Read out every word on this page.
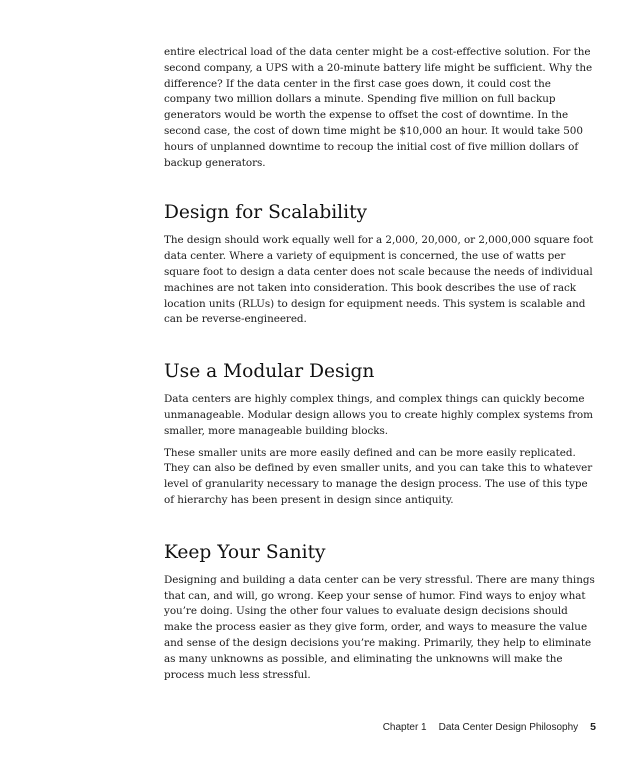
entire electrical load of the data center might be a cost-effective solution. For the second company, a UPS with a 20-minute battery life might be sufficient. Why the difference? If the data center in the first case goes down, it could cost the company two million dollars a minute. Spending five million on full backup generators would be worth the expense to offset the cost of downtime. In the second case, the cost of down time might be $10,000 an hour. It would take 500 hours of unplanned downtime to recoup the initial cost of five million dollars of backup generators.

Design for Scalability

The design should work equally well for a 2,000, 20,000, or 2,000,000 square foot data center. Where a variety of equipment is concerned, the use of watts per square foot to design a data center does not scale because the needs of individual machines are not taken into consideration. This book describes the use of rack location units (RLUs) to design for equipment needs. This system is scalable and can be reverse-engineered.

Use a Modular Design

Data centers are highly complex things, and complex things can quickly become unmanageable. Modular design allows you to create highly complex systems from smaller, more manageable building blocks.

These smaller units are more easily defined and can be more easily replicated. They can also be defined by even smaller units, and you can take this to whatever level of granularity necessary to manage the design process. The use of this type of hierarchy has been present in design since antiquity.

Keep Your Sanity

Designing and building a data center can be very stressful. There are many things that can, and will, go wrong. Keep your sense of humor. Find ways to enjoy what you’re doing. Using the other four values to evaluate design decisions should make the process easier as they give form, order, and ways to measure the value and sense of the design decisions you’re making. Primarily, they help to eliminate as many unknowns as possible, and eliminating the unknowns will make the process much less stressful.

Chapter 1 Data Center Design Philosophy 5
